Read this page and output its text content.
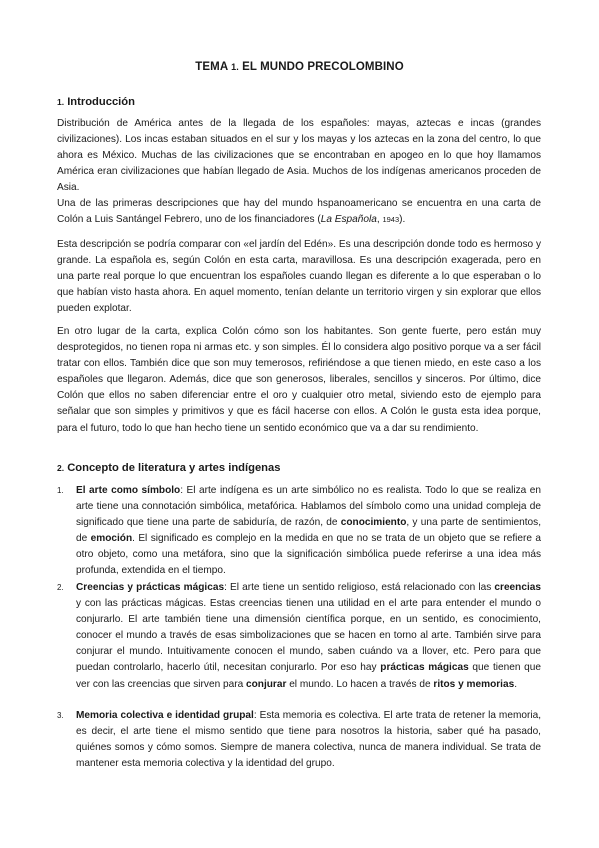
TEMA 1. EL MUNDO PRECOLOMBINO
1. Introducción

Distribución de América antes de la llegada de los españoles: mayas, aztecas e incas (grandes civilizaciones). Los incas estaban situados en el sur y los mayas y los aztecas en la zona del centro, lo que ahora es México. Muchas de las civilizaciones que se encontraban en apogeo en lo que hoy llamamos América eran civilizaciones que habían llegado de Asia. Muchos de los indígenas americanos proceden de Asia.

Una de las primeras descripciones que hay del mundo hspanoamericano se encuentra en una carta de Colón a Luis Santángel Febrero, uno de los financiadores (La Española, 1943).

Esta descripción se podría comparar con «el jardín del Edén». Es una descripción donde todo es hermoso y grande. La española es, según Colón en esta carta, maravillosa. Es una descripción exagerada, pero en una parte real porque lo que encuentran los españoles cuando llegan es diferente a lo que esperaban o lo que habían visto hasta ahora. En aquel momento, tenían delante un territorio virgen y sin explorar que ellos pueden explotar.

En otro lugar de la carta, explica Colón cómo son los habitantes. Son gente fuerte, pero están muy desprotegidos, no tienen ropa ni armas etc. y son simples. Él lo considera algo positivo porque va a ser fácil tratar con ellos. También dice que son muy temerosos, refiriéndose a que tienen miedo, en este caso a los españoles que llegaron. Además, dice que son generosos, liberales, sencillos y sinceros. Por último, dice Colón que ellos no saben diferenciar entre el oro y cualquier otro metal, siviendo esto de ejemplo para señalar que son simples y primitivos y que es fácil hacerse con ellos. A Colón le gusta esta idea porque, para el futuro, todo lo que han hecho tiene un sentido económico que va a dar su rendimiento.

2. Concepto de literatura y artes indígenas
1. El arte como símbolo: El arte indígena es un arte simbólico no es realista. Todo lo que se realiza en arte tiene una connotación simbólica, metafórica. Hablamos del símbolo como una unidad compleja de significado que tiene una parte de sabiduría, de razón, de conocimiento, y una parte de sentimientos, de emoción. El significado es complejo en la medida en que no se trata de un objeto que se refiere a otro objeto, como una metáfora, sino que la significación simbólica puede referirse a una idea más profunda, extendida en el tiempo.
2. Creencias y prácticas mágicas: El arte tiene un sentido religioso, está relacionado con las creencias y con las prácticas mágicas. Estas creencias tienen una utilidad en el arte para entender el mundo o conjurarlo. El arte también tiene una dimensión científica porque, en un sentido, es conocimiento, conocer el mundo a través de esas simbolizaciones que se hacen en torno al arte. También sirve para conjurar el mundo. Intuitivamente conocen el mundo, saben cuándo va a llover, etc. Pero para que puedan controlarlo, hacerlo útil, necesitan conjurarlo. Por eso hay prácticas mágicas que tienen que ver con las creencias que sirven para conjurar el mundo. Lo hacen a través de ritos y memorias.
3. Memoria colectiva e identidad grupal: Esta memoria es colectiva. El arte trata de retener la memoria, es decir, el arte tiene el mismo sentido que tiene para nosotros la historia, saber qué ha pasado, quiénes somos y cómo somos. Siempre de manera colectiva, nunca de manera individual. Se trata de mantener esta memoria colectiva y la identidad del grupo.
